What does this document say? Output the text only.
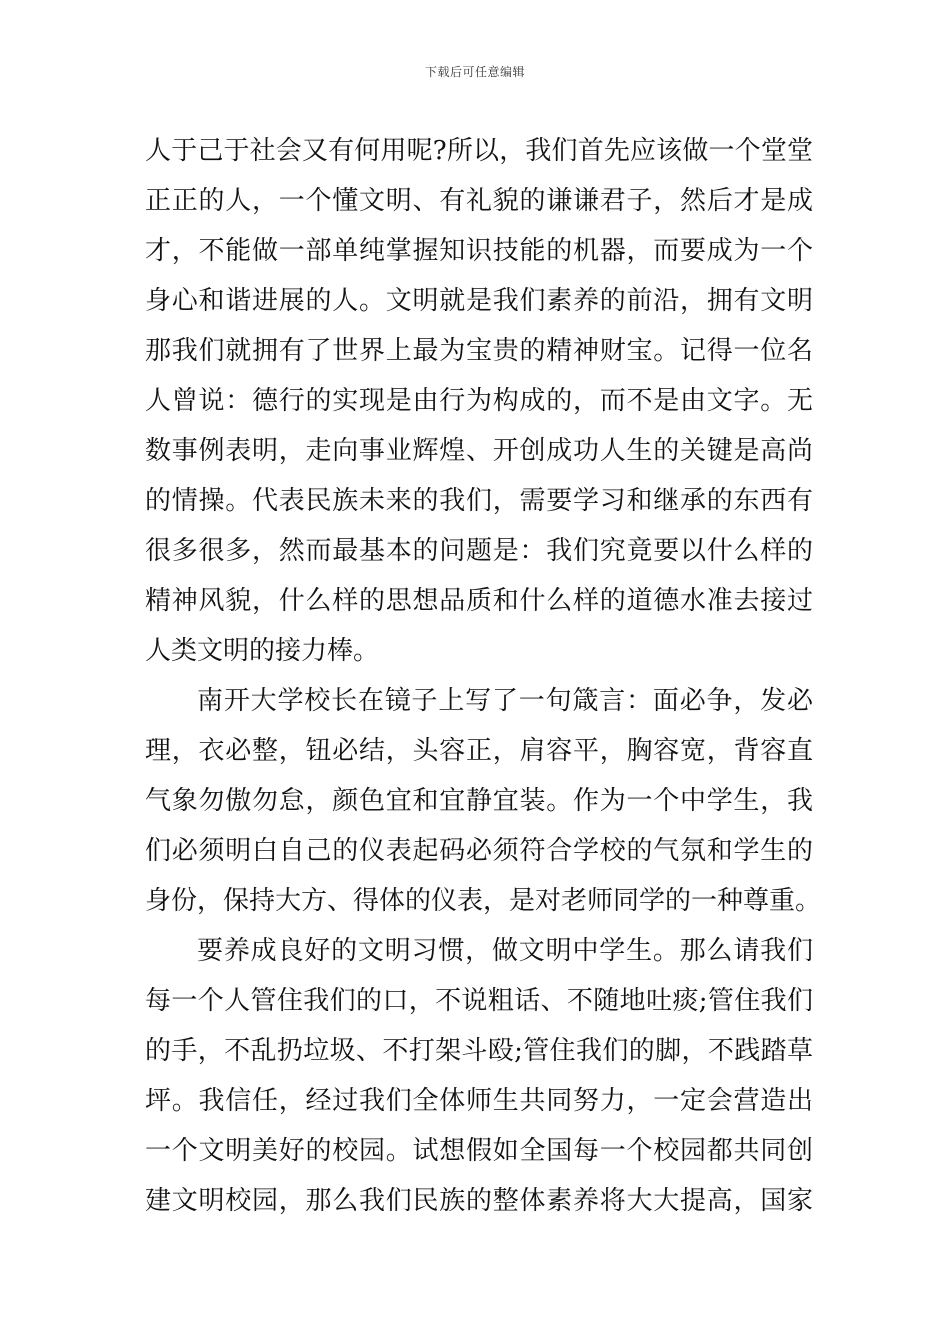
下载后可任意编辑
人于己于社会又有何用呢?所以，我们首先应该做一个堂堂
正正的人，一个懂文明、有礼貌的谦谦君子，然后才是成
才，不能做一部单纯掌握知识技能的机器，而要成为一个
身心和谐进展的人。文明就是我们素养的前沿，拥有文明
那我们就拥有了世界上最为宝贵的精神财宝。记得一位名
人曾说：德行的实现是由行为构成的，而不是由文字。无
数事例表明，走向事业辉煌、开创成功人生的关键是高尚
的情操。代表民族未来的我们，需要学习和继承的东西有
很多很多，然而最基本的问题是：我们究竟要以什么样的
精神风貌，什么样的思想品质和什么样的道德水准去接过
人类文明的接力棒。
南开大学校长在镜子上写了一句箴言：面必争，发必
理，衣必整，钮必结，头容正，肩容平，胸容宽，背容直
气象勿傲勿怠，颜色宜和宜静宜装。作为一个中学生，我
们必须明白自己的仪表起码必须符合学校的气氛和学生的
身份，保持大方、得体的仪表，是对老师同学的一种尊重。
要养成良好的文明习惯，做文明中学生。那么请我们
每一个人管住我们的口，不说粗话、不随地吐痰;管住我们
的手，不乱扔垃圾、不打架斗殴;管住我们的脚，不践踏草
坪。我信任，经过我们全体师生共同努力，一定会营造出
一个文明美好的校园。试想假如全国每一个校园都共同创
建文明校园，那么我们民族的整体素养将大大提高，国家
